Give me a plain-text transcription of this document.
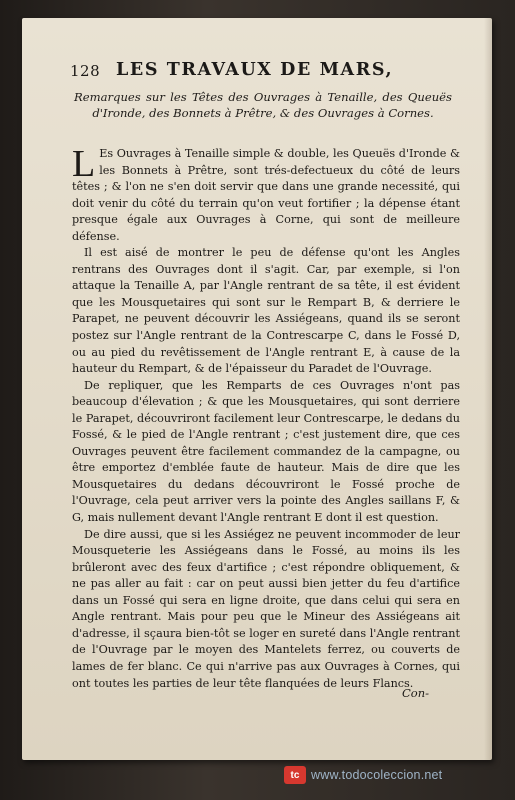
128 LES TRAVAUX DE MARS,
Remarques sur les Têtes des Ouvrages à Tenaille, des Queuës d'Ironde, des Bonnets à Prêtre, & des Ouvrages à Cornes.

L Es Ouvrages à Tenaille simple & double, les Queuës d'Ironde & les Bonnets à Prêtre, sont trés-defectueux du côté de leurs têtes ; & l'on ne s'en doit servir que dans une grande necessité, qui doit venir du côté du terrain qu'on veut fortifier ; la dépense étant presque égale aux Ouvrages à Corne, qui sont de meilleure défense.

Il est aisé de montrer le peu de défense qu'ont les Angles rentrans des Ouvrages dont il s'agit. Car, par exemple, si l'on attaque la Tenaille A, par l'Angle rentrant de sa tête, il est évident que les Mousquetaires qui sont sur le Rempart B, & derriere le Parapet, ne peuvent découvrir les Assiégeans, quand ils se seront postez sur l'Angle rentrant de la Contrescarpe C, dans le Fossé D, ou au pied du revêtissement de l'Angle rentrant E, à cause de la hauteur du Rempart, & de l'épaisseur du Paradet de l'Ouvrage.

De repliquer, que les Remparts de ces Ouvrages n'ont pas beaucoup d'élevation ; & que les Mousquetaires, qui sont derriere le Parapet, découvriront facilement leur Contrescarpe, le dedans du Fossé, & le pied de l'Angle rentrant ; c'est justement dire, que ces Ouvrages peuvent être facilement commandez de la campagne, ou être emportez d'emblée faute de hauteur. Mais de dire que les Mousquetaires du dedans découvriront le Fossé proche de l'Ouvrage, cela peut arriver vers la pointe des Angles saillans F, & G, mais nullement devant l'Angle rentrant E dont il est question.

De dire aussi, que si les Assiégez ne peuvent incommoder de leur Mousqueterie les Assiégeans dans le Fossé, au moins ils les brûleront avec des feux d'artifice ; c'est répondre obliquement, & ne pas aller au fait : car on peut aussi bien jetter du feu d'artifice dans un Fossé qui sera en ligne droite, que dans celui qui sera en Angle rentrant. Mais pour peu que le Mineur des Assiégeans ait d'adresse, il sçaura bien-tôt se loger en sureté dans l'Angle rentrant de l'Ouvrage par le moyen des Mantelets ferrez, ou couverts de lames de fer blanc. Ce qui n'arrive pas aux Ouvrages à Cornes, qui ont toutes les parties de leur tête flanquées de leurs Flancs.

Con-
tc www.todocoleccion.net
